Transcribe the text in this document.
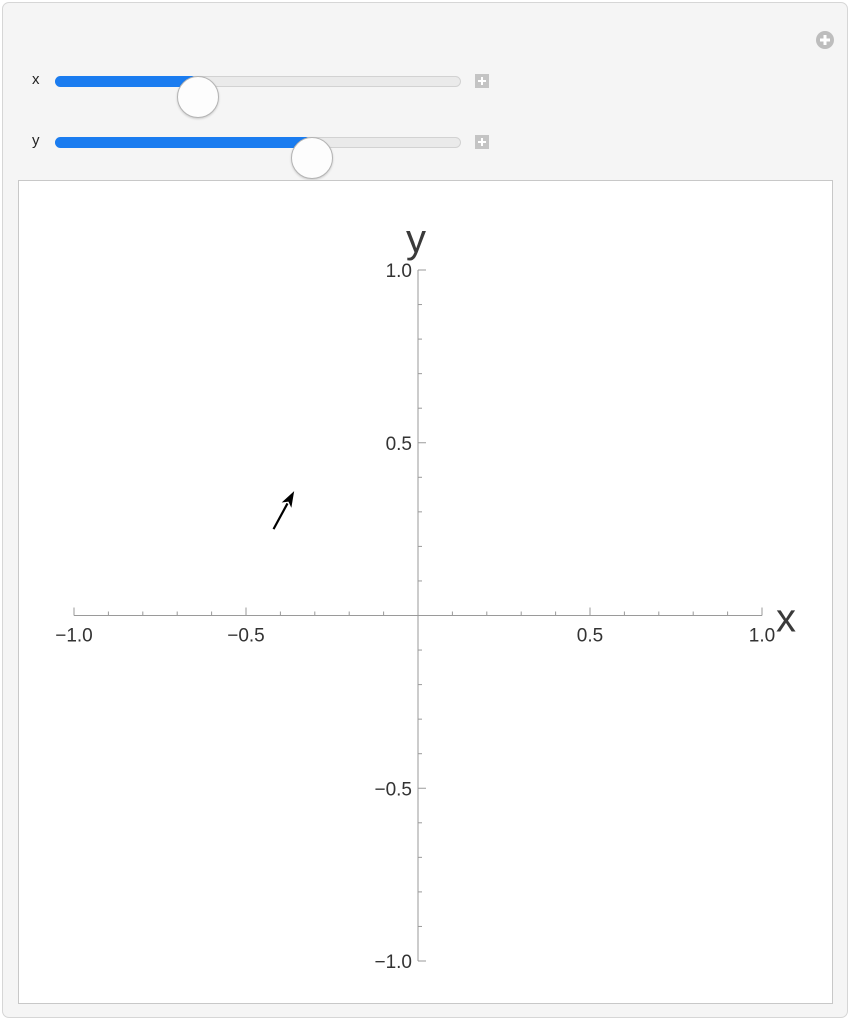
x
y
−1.0	−0.5	0.5	1.0
1.0
0.5
−0.5
−1.0
x
y
